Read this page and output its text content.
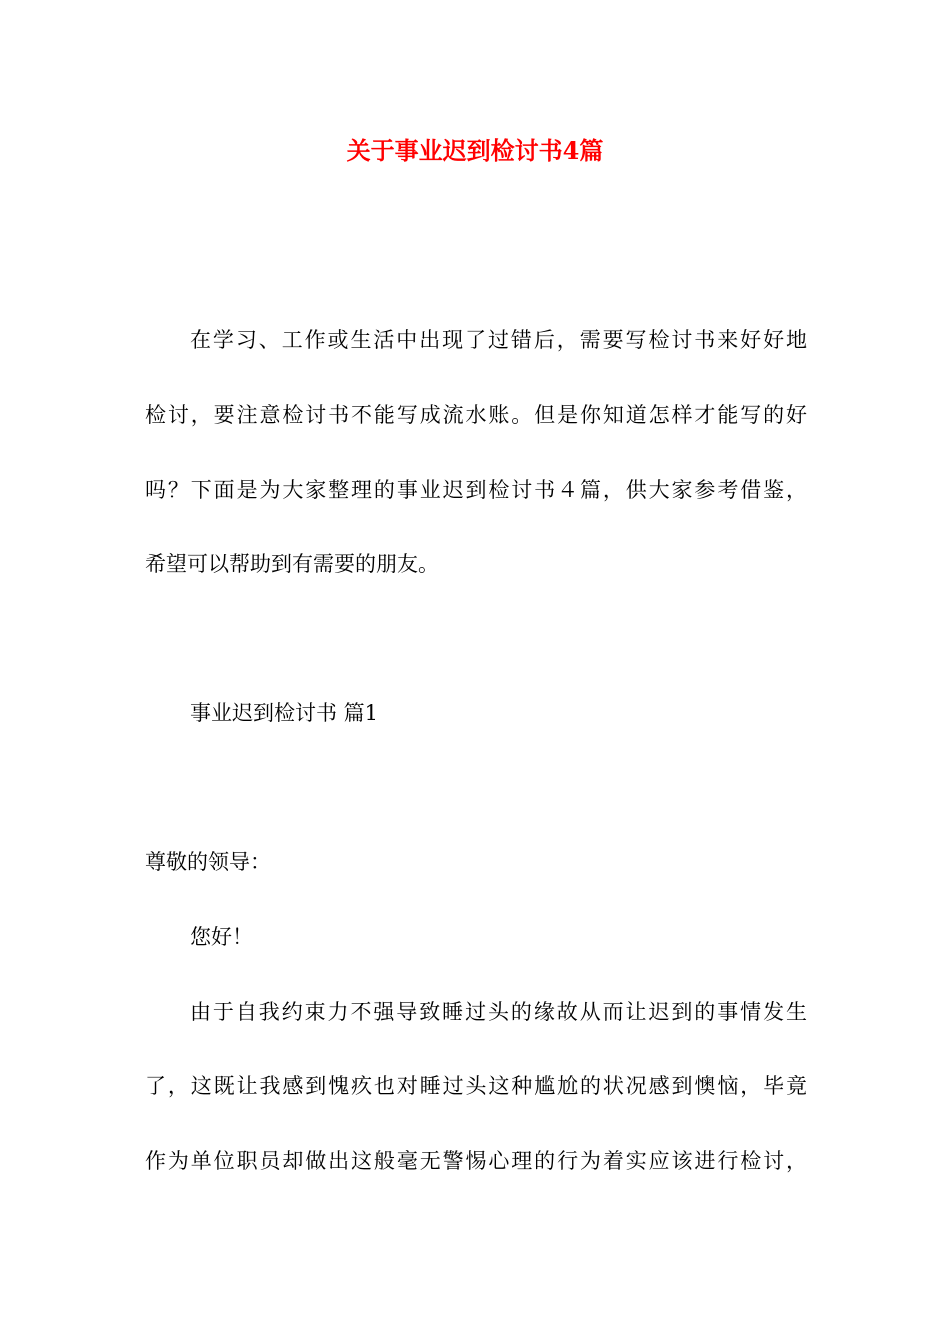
关于事业迟到检讨书4篇

在学习、工作或生活中出现了过错后，需要写检讨书来好好地

检讨，要注意检讨书不能写成流水账。但是你知道怎样才能写的好

吗？下面是为大家整理的事业迟到检讨书４篇，供大家参考借鉴，

希望可以帮助到有需要的朋友。

事业迟到检讨书 篇1

尊敬的领导：

您好！

由于自我约束力不强导致睡过头的缘故从而让迟到的事情发生

了，这既让我感到愧疚也对睡过头这种尴尬的状况感到懊恼，毕竟

作为单位职员却做出这般毫无警惕心理的行为着实应该进行检讨，
